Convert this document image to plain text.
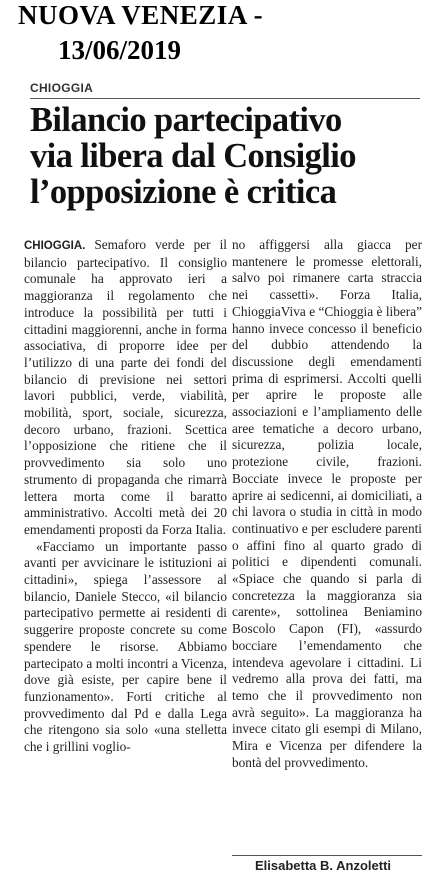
NUOVA VENEZIA -
13/06/2019
CHIOGGIA
Bilancio partecipativo
via libera dal Consiglio
l’opposizione è critica

CHIOGGIA. Semaforo verde per il bilancio partecipativo. Il consiglio comunale ha approvato ieri a maggioranza il regolamento che introduce la possibilità per tutti i cittadini maggiorenni, anche in forma associativa, di proporre idee per l’utilizzo di una parte dei fondi del bilancio di previsione nei settori lavori pubblici, verde, viabilità, mobilità, sport, sociale, sicurezza, decoro urbano, frazioni. Scettica l’opposizione che ritiene che il provvedimento sia solo uno strumento di propaganda che rimarrà lettera morta come il baratto amministrativo. Accolti metà dei 20 emendamenti proposti da Forza Italia.

«Facciamo un importante passo avanti per avvicinare le istituzioni ai cittadini», spiega l’assessore al bilancio, Daniele Stecco, «il bilancio partecipativo permette ai residenti di suggerire proposte concrete su come spendere le risorse. Abbiamo partecipato a molti incontri a Vicenza, dove già esiste, per capire bene il funzionamento». Forti critiche al provvedimento dal Pd e dalla Lega che ritengono sia solo «una stelletta che i grillini voglio-

no affiggersi alla giacca per mantenere le promesse elettorali, salvo poi rimanere carta straccia nei cassetti». Forza Italia, ChioggiaViva e “Chioggia è libera” hanno invece concesso il beneficio del dubbio attendendo la discussione degli emendamenti prima di esprimersi. Accolti quelli per aprire le proposte alle associazioni e l’ampliamento delle aree tematiche a decoro urbano, sicurezza, polizia locale, protezione civile, frazioni. Bocciate invece le proposte per aprire ai sedicenni, ai domiciliati, a chi lavora o studia in città in modo continuativo e per escludere parenti o affini fino al quarto grado di politici e dipendenti comunali. «Spiace che quando si parla di concretezza la maggioranza sia carente», sottolinea Beniamino Boscolo Capon (FI), «assurdo bocciare l’emendamento che intendeva agevolare i cittadini. Li vedremo alla prova dei fatti, ma temo che il provvedimento non avrà seguito». La maggioranza ha invece citato gli esempi di Milano, Mira e Vicenza per difendere la bontà del provvedimento.

Elisabetta B. Anzoletti
